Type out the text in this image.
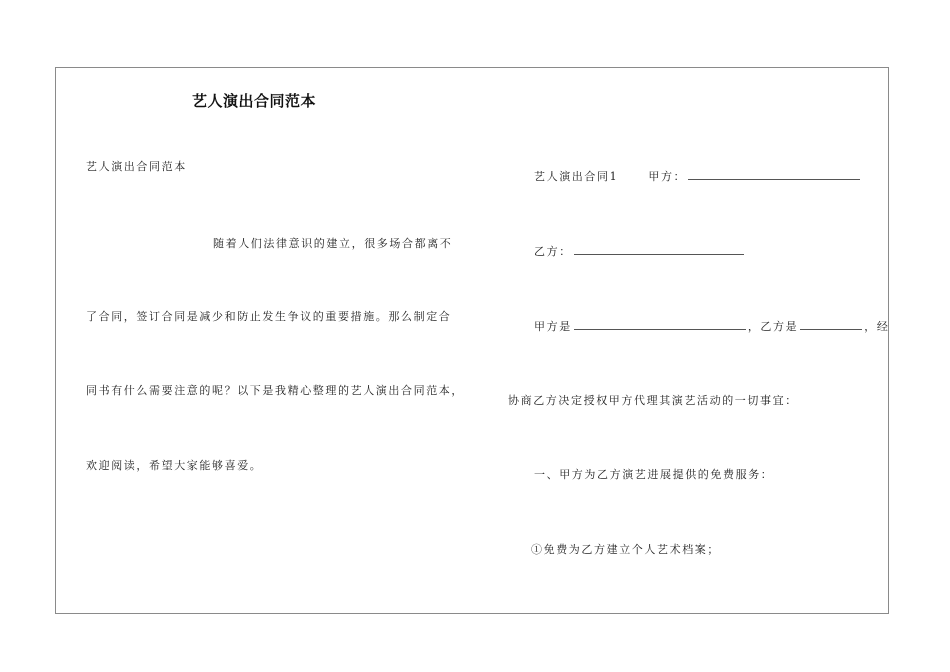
艺人演出合同范本
艺人演出合同范本
随着人们法律意识的建立，很多场合都离不
了合同，签订合同是减少和防止发生争议的重要措施。那么制定合
同书有什么需要注意的呢？以下是我精心整理的艺人演出合同范本，
欢迎阅读，希望大家能够喜爱。
艺人演出合同1	甲方：
乙方：
甲方是	，乙方是	，经
协商乙方决定授权甲方代理其演艺活动的一切事宜：
一、甲方为乙方演艺进展提供的免费服务：
①免费为乙方建立个人艺术档案；
